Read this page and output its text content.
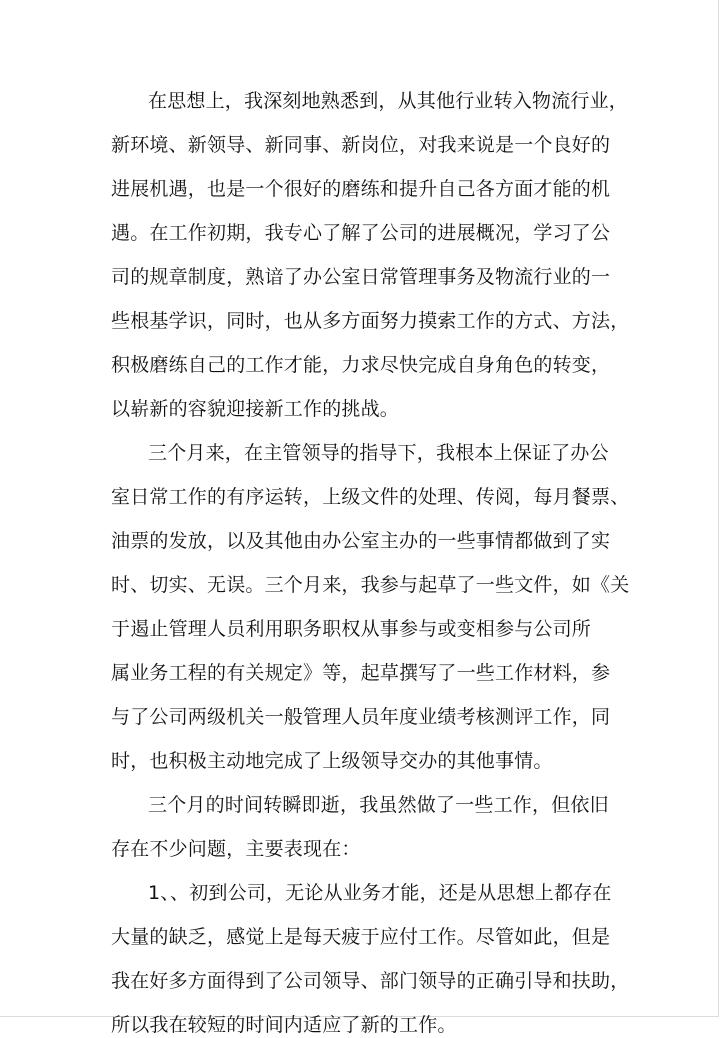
在思想上，我深刻地熟悉到，从其他行业转入物流行业，
新环境、新领导、新同事、新岗位，对我来说是一个良好的
进展机遇，也是一个很好的磨练和提升自己各方面才能的机
遇。在工作初期，我专心了解了公司的进展概况，学习了公
司的规章制度，熟谙了办公室日常管理事务及物流行业的一
些根基学识，同时，也从多方面努力摸索工作的方式、方法，
积极磨练自己的工作才能，力求尽快完成自身角色的转变，
以崭新的容貌迎接新工作的挑战。
三个月来，在主管领导的指导下，我根本上保证了办公
室日常工作的有序运转，上级文件的处理、传阅，每月餐票、
油票的发放，以及其他由办公室主办的一些事情都做到了实
时、切实、无误。三个月来，我参与起草了一些文件，如《关
于遏止管理人员利用职务职权从事参与或变相参与公司所
属业务工程的有关规定》等，起草撰写了一些工作材料，参
与了公司两级机关一般管理人员年度业绩考核测评工作，同
时，也积极主动地完成了上级领导交办的其他事情。
三个月的时间转瞬即逝，我虽然做了一些工作，但依旧
存在不少问题，主要表现在：
1、、初到公司，无论从业务才能，还是从思想上都存在
大量的缺乏，感觉上是每天疲于应付工作。尽管如此，但是
我在好多方面得到了公司领导、部门领导的正确引导和扶助，
所以我在较短的时间内适应了新的工作。
